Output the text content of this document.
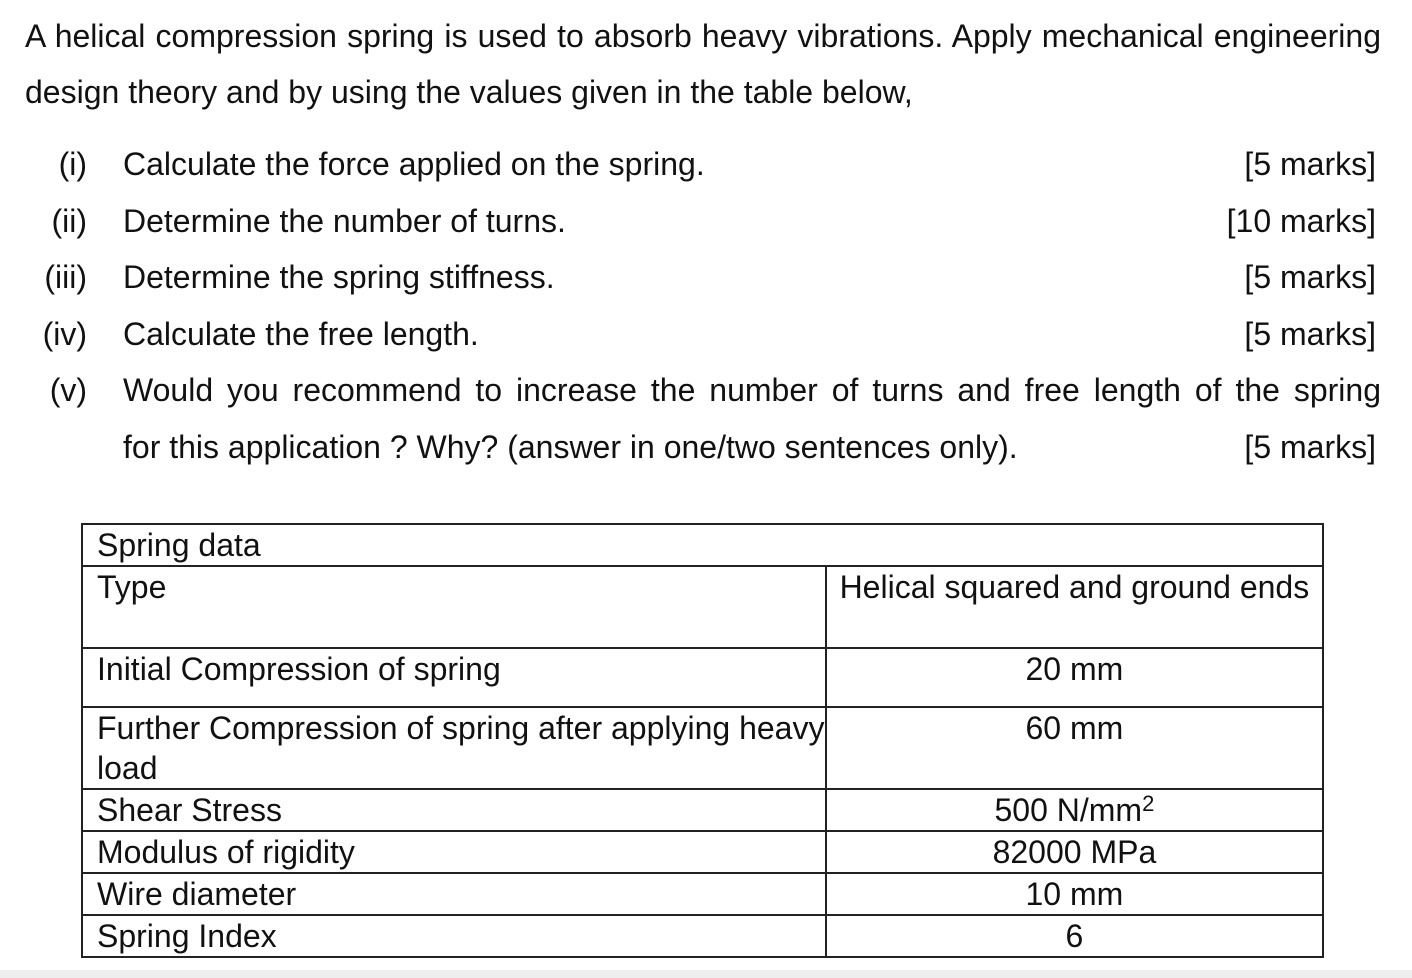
A helical compression spring is used to absorb heavy vibrations. Apply mechanical engineering design theory and by using the values given in the table below,

(i) Calculate the force applied on the spring.	[5 marks]
(ii) Determine the number of turns.	[10 marks]
(iii) Determine the spring stiffness.	[5 marks]
(iv) Calculate the free length.	[5 marks]
(v) Would you recommend to increase the number of turns and free length of the spring
for this application ? Why? (answer in one/two sentences only).	[5 marks]
Spring data	
Type	Helical squared and ground ends
Initial Compression of spring	20 mm
Further Compression of spring after applying heavy load	60 mm
Shear Stress	500 $N/mm^2$
Modulus of rigidity	82000 MPa
Wire diameter	10 mm
Spring Index	6
